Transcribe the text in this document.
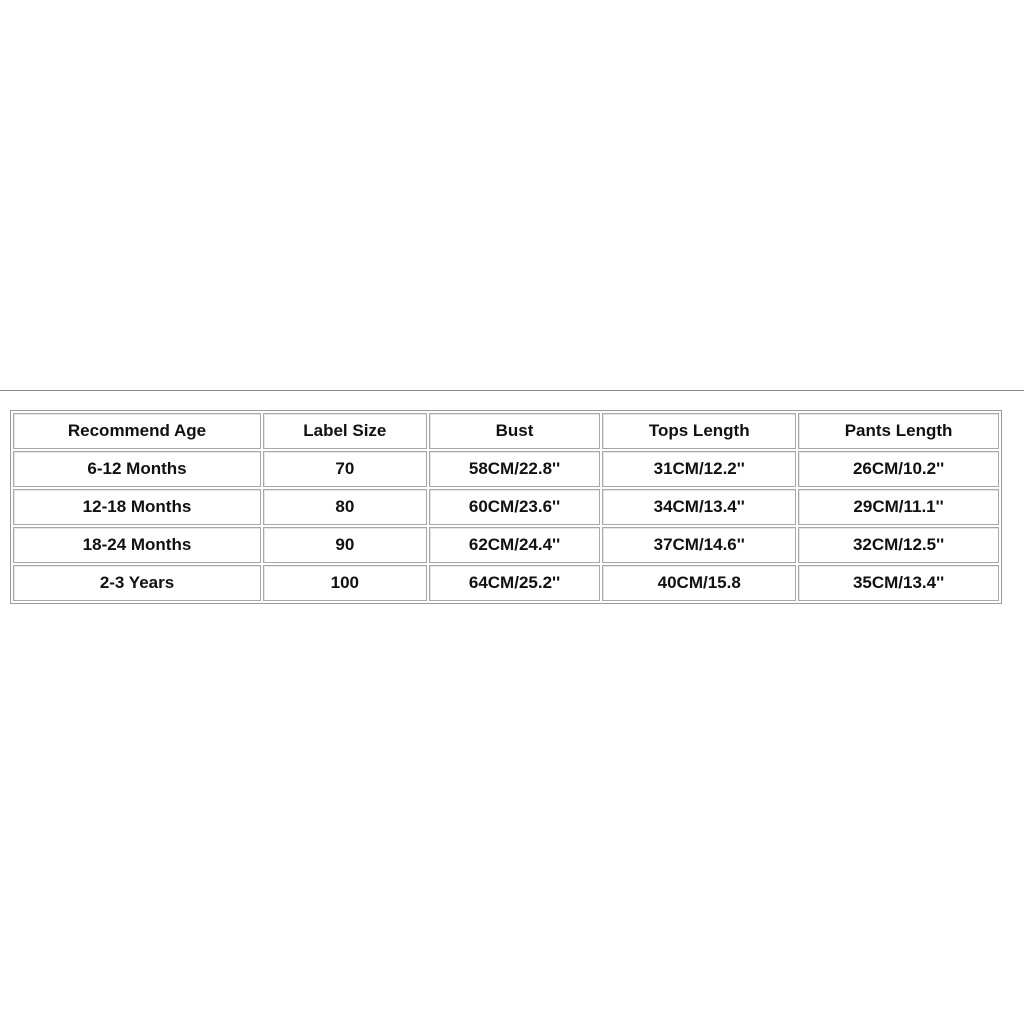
Recommend Age	Label Size	Bust	Tops Length	Pants Length
6-12 Months	70	58CM/22.8''	31CM/12.2''	26CM/10.2''
12-18 Months	80	60CM/23.6''	34CM/13.4''	29CM/11.1''
18-24 Months	90	62CM/24.4''	37CM/14.6''	32CM/12.5''
2-3 Years	100	64CM/25.2''	40CM/15.8	35CM/13.4''
